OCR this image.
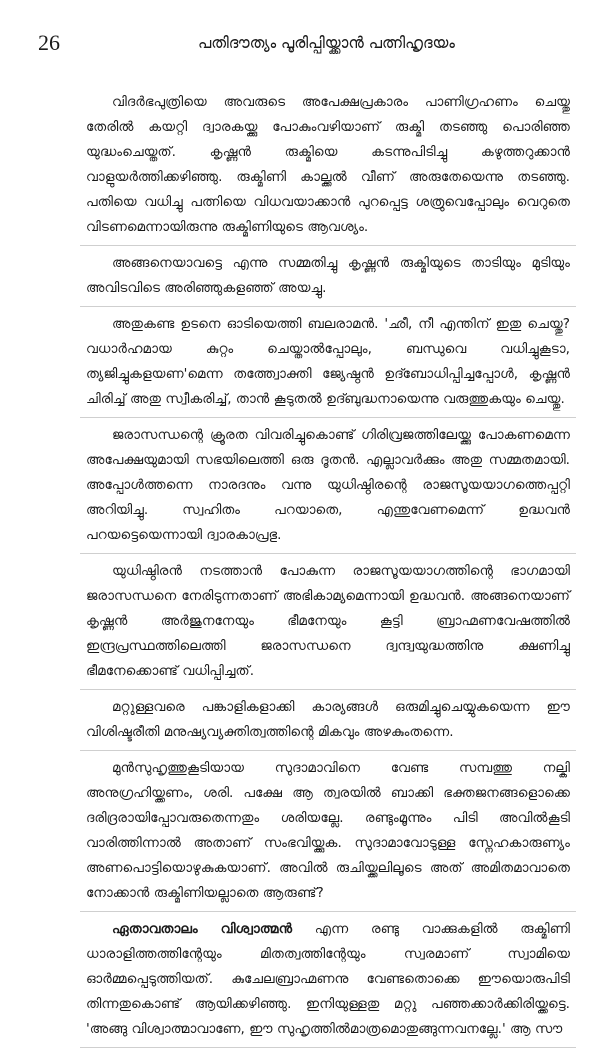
26	പതിദൗത്യം പൂരിപ്പിയ്ക്കാൻ പത്നിഹൃദയം

വിദർഭപുത്രിയെ അവരുടെ അപേക്ഷപ്രകാരം പാണിഗ്രഹണം ചെയ്തു തേരിൽ കയറ്റി ദ്വാരകയ്ക്കു പോകുംവഴിയാണ് രുക്മി തടഞ്ഞു പൊരിഞ്ഞ യുദ്ധംചെയ്തത്. കൃഷ്ണൻ രുക്മിയെ കടന്നുപിടിച്ചു കഴുത്തറുക്കാൻ വാളുയർത്തിക്കഴിഞ്ഞു. രുക്മിണി കാല്ക്കൽ വീണ് അരുതേയെന്നു തടഞ്ഞു. പതിയെ വധിച്ചു പത്നിയെ വിധവയാക്കാൻ പുറപ്പെട്ട ശത്രുവെപ്പോലും വെറുതെ വിടണമെന്നായിരുന്നു രുക്മിണിയുടെ ആവശ്യം.

അങ്ങനെയാവട്ടെ എന്നു സമ്മതിച്ചു കൃഷ്ണൻ രുക്മിയുടെ താടിയും മുടിയും അവിടവിടെ അരിഞ്ഞുകളഞ്ഞ് അയച്ചു.

അതുകണ്ട ഉടനെ ഓടിയെത്തി ബലരാമൻ. 'ഛീ, നീ എന്തിന് ഇതു ചെയ്തു? വധാർഹമായ കുറ്റം ചെയ്താൽപ്പോലും, ബന്ധുവെ വധിച്ചുകൂടാ, ത്യജിച്ചുകളയണ'മെന്ന തത്ത്വോക്തി ജ്യേഷ്ഠൻ ഉദ്ബോധിപ്പിച്ചപ്പോൾ, കൃഷ്ണൻ ചിരിച്ച് അതു സ്വീകരിച്ച്, താൻ കൂടുതൽ ഉദ്ബുദ്ധനായെന്നു വരുത്തുകയും ചെയ്തു.

ജരാസന്ധന്റെ ക്രൂരത വിവരിച്ചുകൊണ്ട് ഗിരിവ്രജത്തിലേയ്ക്കു പോകണമെന്ന അപേക്ഷയുമായി സഭയിലെത്തി ഒരു ദൂതൻ. എല്ലാവർക്കും അതു സമ്മതമായി. അപ്പോൾത്തന്നെ നാരദനും വന്നു യുധിഷ്ഠിരന്റെ രാജസൂയയാഗത്തെപ്പറ്റി അറിയിച്ചു. സ്വഹിതം പറയാതെ, എന്തുവേണമെന്ന് ഉദ്ധവൻ പറയട്ടെയെന്നായി ദ്വാരകാപ്രഭു.

യുധിഷ്ഠിരൻ നടത്താൻ പോകുന്ന രാജസൂയയാഗത്തിന്റെ ഭാഗമായി ജരാസന്ധനെ നേരിടുന്നതാണ് അഭികാമ്യമെന്നായി ഉദ്ധവൻ. അങ്ങനെയാണ് കൃഷ്ണൻ അർജുനനേയും ഭീമനേയും കൂട്ടി ബ്രാഹ്മണവേഷത്തിൽ ഇന്ദ്രപ്രസ്ഥത്തിലെത്തി ജരാസന്ധനെ ദ്വന്ദ്വയുദ്ധത്തിനു ക്ഷണിച്ചു ഭീമനേക്കൊണ്ട് വധിപ്പിച്ചത്.

മറ്റുള്ളവരെ പങ്കാളികളാക്കി കാര്യങ്ങൾ ഒരുമിച്ചുചെയ്യുകയെന്ന ഈ വിശിഷ്ടരീതി മനുഷ്യവ്യക്തിത്വത്തിന്റെ മികവും അഴകുംതന്നെ.

മുൻസുഹൃത്തുകൂടിയായ സുദാമാവിനെ വേണ്ട സമ്പത്തു നല്കി അനുഗ്രഹിയ്ക്കണം, ശരി. പക്ഷേ ആ ത്വരയിൽ ബാക്കി ഭക്തജനങ്ങളൊക്കെ ദരിദ്രരായിപ്പോവരുതെന്നതും ശരിയല്ലേ. രണ്ടുംമൂന്നും പിടി അവിൽകൂടി വാരിത്തിന്നാൽ അതാണ് സംഭവിയ്ക്കുക. സുദാമാവോടുള്ള സ്നേഹകാരുണ്യം അണപൊട്ടിയൊഴുകുകയാണ്. അവിൽ രുചിയ്ക്കലിലൂടെ അത് അമിതമാവാതെ നോക്കാൻ രുക്മിണിയല്ലാതെ ആരുണ്ട്?

ഏതാവതാലം വിശ്വാത്മൻ എന്ന രണ്ടു വാക്കുകളിൽ രുക്മിണി ധാരാളിത്തത്തിന്റേയും മിതത്വത്തിന്റേയും സ്വരമാണ് സ്വാമിയെ ഓർമ്മപ്പെടുത്തിയത്. കുചേലബ്രാഹ്മണനു വേണ്ടതൊക്കെ ഈയൊരുപിടി തിന്നതുകൊണ്ട് ആയിക്കഴിഞ്ഞു. ഇനിയുള്ളതു മറ്റു പഞ്ഞക്കാർക്കിരിയ്ക്കട്ടെ. 'അങ്ങു വിശ്വാത്മാവാണേ, ഈ സുഹൃത്തിൽമാത്രമൊതുങ്ങുന്നവനല്ലേ.' ആ സൗ
